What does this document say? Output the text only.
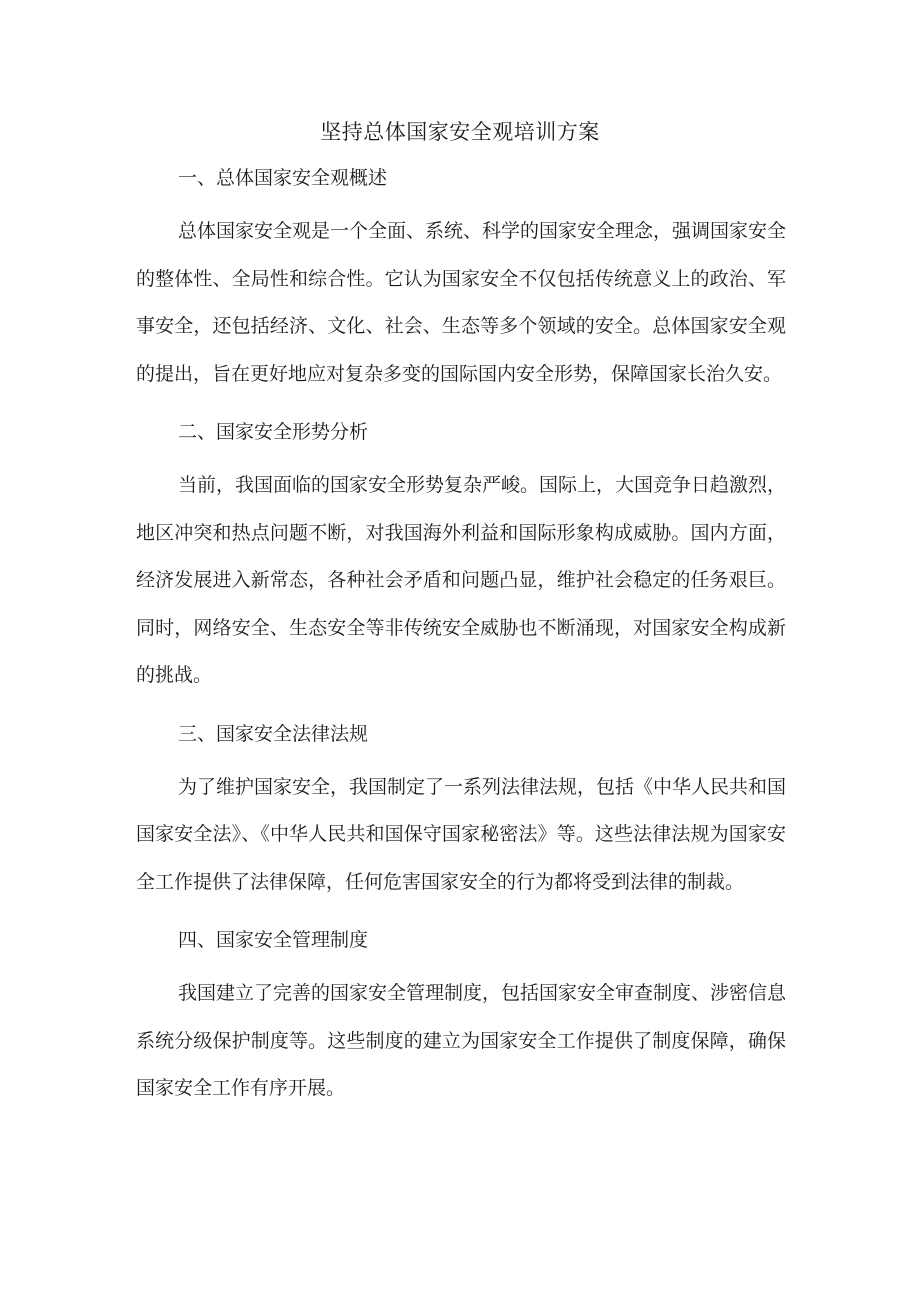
坚持总体国家安全观培训方案
一、总体国家安全观概述

总体国家安全观是一个全面、系统、科学的国家安全理念，强调国家安全的整体性、全局性和综合性。它认为国家安全不仅包括传统意义上的政治、军事安全，还包括经济、文化、社会、生态等多个领域的安全。总体国家安全观的提出，旨在更好地应对复杂多变的国际国内安全形势，保障国家长治久安。

二、国家安全形势分析

当前，我国面临的国家安全形势复杂严峻。国际上，大国竞争日趋激烈，地区冲突和热点问题不断，对我国海外利益和国际形象构成威胁。国内方面，经济发展进入新常态，各种社会矛盾和问题凸显，维护社会稳定的任务艰巨。同时，网络安全、生态安全等非传统安全威胁也不断涌现，对国家安全构成新的挑战。

三、国家安全法律法规

为了维护国家安全，我国制定了一系列法律法规，包括《中华人民共和国国家安全法》、《中华人民共和国保守国家秘密法》等。这些法律法规为国家安全工作提供了法律保障，任何危害国家安全的行为都将受到法律的制裁。

四、国家安全管理制度

我国建立了完善的国家安全管理制度，包括国家安全审查制度、涉密信息系统分级保护制度等。这些制度的建立为国家安全工作提供了制度保障，确保国家安全工作有序开展。
